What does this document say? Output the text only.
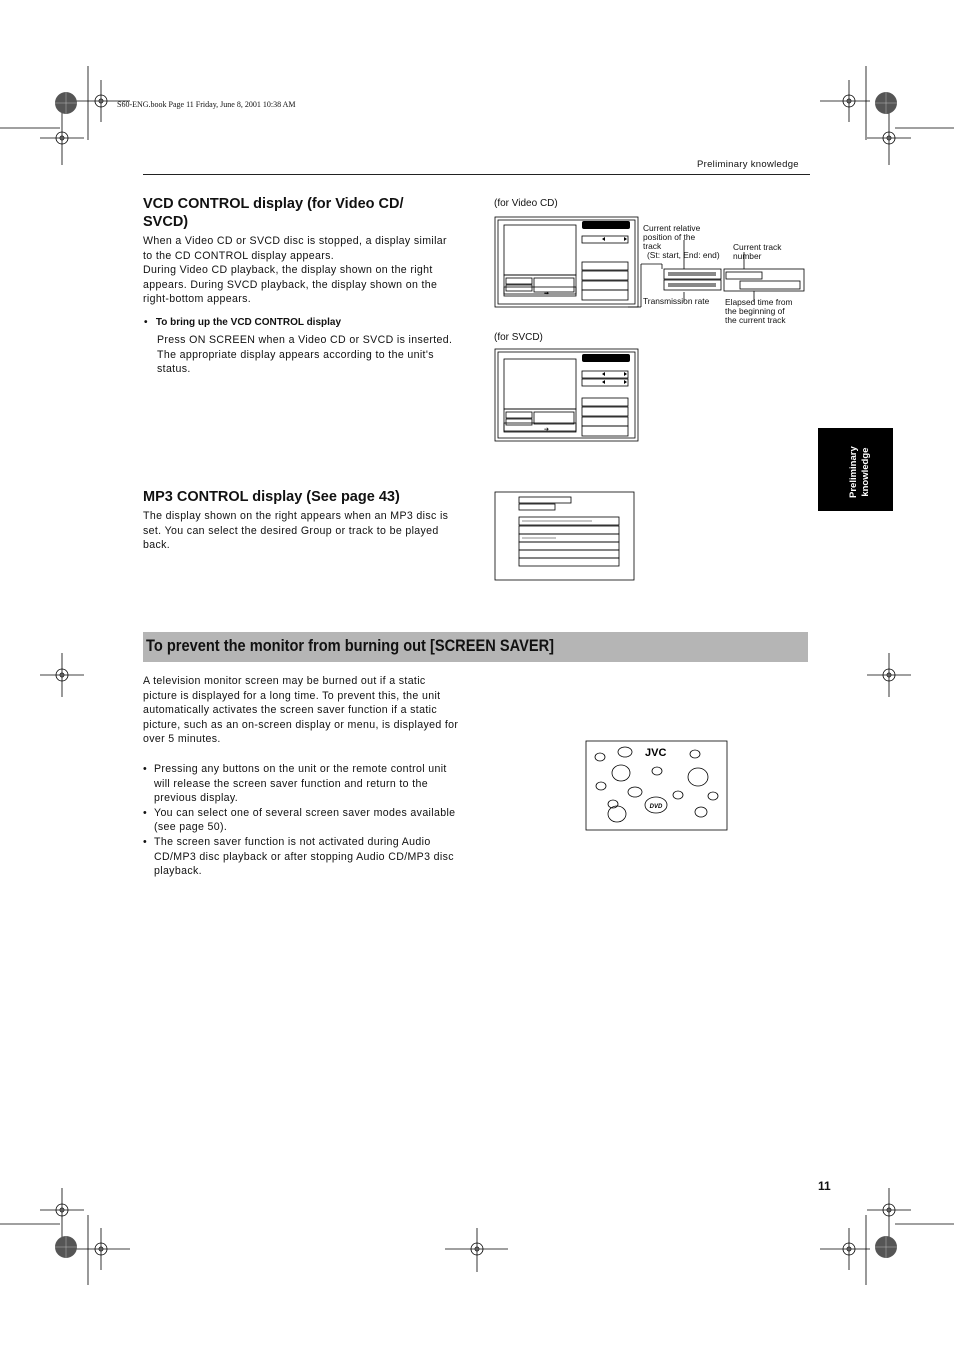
S60-ENG.book Page 11 Friday, June 8, 2001 10:38 AM
Preliminary knowledge
VCD CONTROL display (for Video CD/
SVCD)
When a Video CD or SVCD disc is stopped, a display similar to the CD CONTROL display appears.
During Video CD playback, the display shown on the right appears. During SVCD playback, the display shown on the right-bottom appears.
•   To bring up the VCD CONTROL display
Press ON SCREEN when a Video CD or SVCD is inserted. The appropriate display appears according to the unit's status.
(for Video CD)
VCD CONTROL
➔
Current relative
position of the
track
(St: start, End: end)
Current track
number
Transmission rate Elapsed time from
the beginning of
the current track
(for SVCD)
SVCD CONTROL
➔
Preliminary knowledge
MP3 CONTROL display (See page 43)
The display shown on the right appears when an MP3 disc is set. You can select the desired Group or track to be played back.
To prevent the monitor from burning out [SCREEN SAVER]
A television monitor screen may be burned out if a static picture is displayed for a long time. To prevent this, the unit automatically activates the screen saver function if a static picture, such as an on-screen display or menu, is displayed for over 5 minutes.
• Pressing any buttons on the unit or the remote control unit will release the screen saver function and return to the previous display.
• You can select one of several screen saver modes available (see page 50).
• The screen saver function is not activated during Audio CD/MP3 disc playback or after stopping Audio CD/MP3 disc playback.
JVC
DVD
11
